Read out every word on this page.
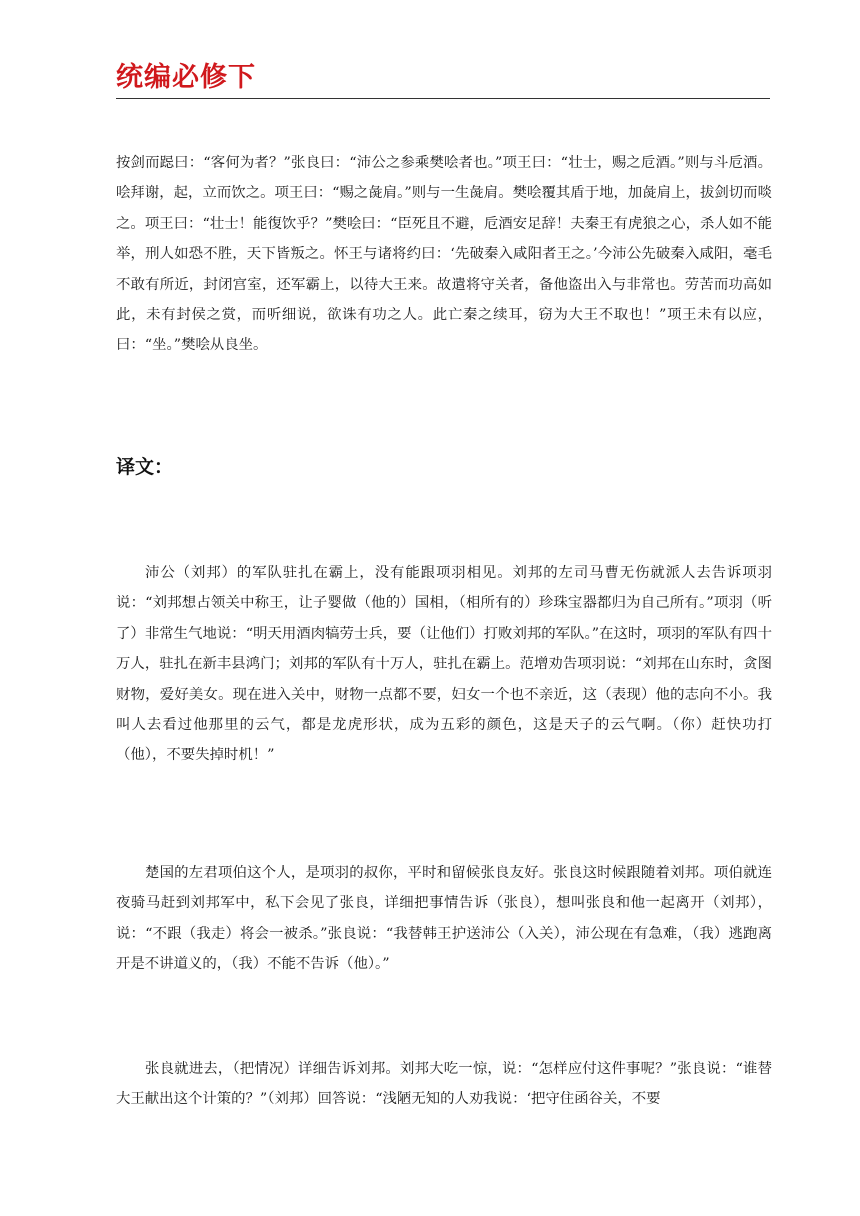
统编必修下

按剑而跽曰：“客何为者？”张良曰：“沛公之参乘樊哙者也。”项王曰：“壮士，赐之卮酒。”则与斗卮酒。哙拜谢，起，立而饮之。项王曰：“赐之彘肩。”则与一生彘肩。樊哙覆其盾于地，加彘肩上，拔剑切而啖之。项王曰：“壮士！能復饮乎？”樊哙曰：“臣死且不避，卮酒安足辞！夫秦王有虎狼之心，杀人如不能举，刑人如恐不胜，天下皆叛之。怀王与诸将约曰：‘先破秦入咸阳者王之。’今沛公先破秦入咸阳，毫毛不敢有所近，封闭宫室，还军霸上，以待大王来。故遣将守关者，备他盗出入与非常也。劳苦而功高如此，未有封侯之赏，而听细说，欲诛有功之人。此亡秦之续耳，窃为大王不取也！”项王未有以应，曰：“坐。”樊哙从良坐。

译文：

沛公（刘邦）的军队驻扎在霸上，没有能跟项羽相见。刘邦的左司马曹无伤就派人去告诉项羽说：“刘邦想占领关中称王，让子婴做（他的）国相，（相所有的）珍珠宝器都归为自己所有。”项羽（听了）非常生气地说：“明天用酒肉犒劳士兵，要（让他们）打败刘邦的军队。”在这时，项羽的军队有四十万人，驻扎在新丰县鸿门；刘邦的军队有十万人，驻扎在霸上。范增劝告项羽说：“刘邦在山东时，贪图财物，爱好美女。现在进入关中，财物一点都不要，妇女一个也不亲近，这（表现）他的志向不小。我叫人去看过他那里的云气，都是龙虎形状，成为五彩的颜色，这是天子的云气啊。（你）赶快功打（他），不要失掉时机！”

楚国的左君项伯这个人，是项羽的叔你，平时和留候张良友好。张良这时候跟随着刘邦。项伯就连夜骑马赶到刘邦军中，私下会见了张良，详细把事情告诉（张良），想叫张良和他一起离开（刘邦），说：“不跟（我走）将会一被杀。”张良说：“我替韩王护送沛公（入关），沛公现在有急难，（我）逃跑离开是不讲道义的，（我）不能不告诉（他）。”

张良就进去，（把情况）详细告诉刘邦。刘邦大吃一惊，说：“怎样应付这件事呢？”张良说：“谁替大王献出这个计策的？”（刘邦）回答说：“浅陋无知的人劝我说：‘把守住函谷关，不要
